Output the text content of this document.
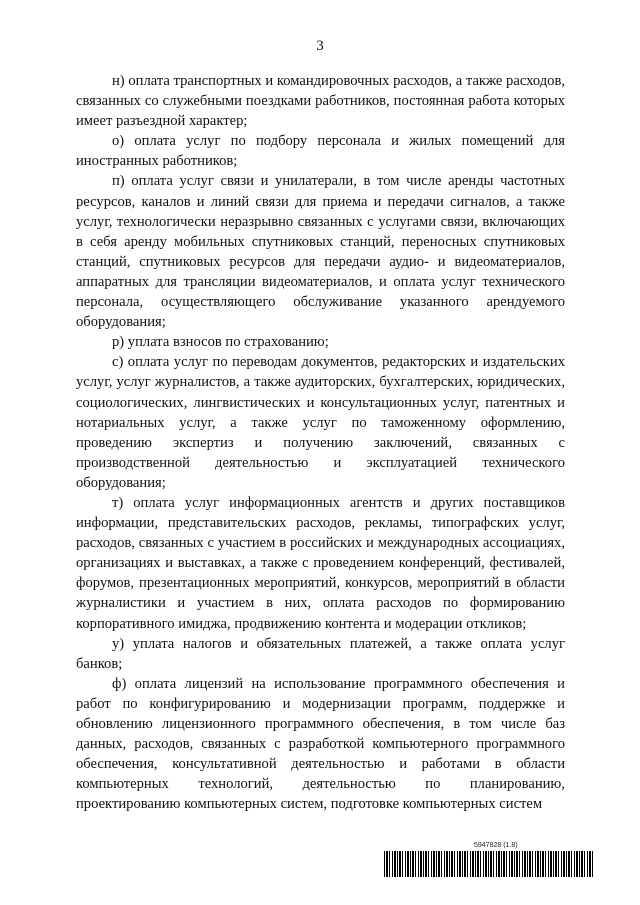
3

н) оплата транспортных и командировочных расходов, а также расходов, связанных со служебными поездками работников, постоянная работа которых имеет разъездной характер;

о) оплата услуг по подбору персонала и жилых помещений для иностранных работников;

п) оплата услуг связи и унилатерали, в том числе аренды частотных ресурсов, каналов и линий связи для приема и передачи сигналов, а также услуг, технологически неразрывно связанных с услугами связи, включающих в себя аренду мобильных спутниковых станций, переносных спутниковых станций, спутниковых ресурсов для передачи аудио- и видеоматериалов, аппаратных для трансляции видеоматериалов, и оплата услуг технического персонала, осуществляющего обслуживание указанного арендуемого оборудования;

р) уплата взносов по страхованию;

с) оплата услуг по переводам документов, редакторских и издательских услуг, услуг журналистов, а также аудиторских, бухгалтерских, юридических, социологических, лингвистических и консультационных услуг, патентных и нотариальных услуг, а также услуг по таможенному оформлению, проведению экспертиз и получению заключений, связанных с производственной деятельностью и эксплуатацией технического оборудования;

т) оплата услуг информационных агентств и других поставщиков информации, представительских расходов, рекламы, типографских услуг, расходов, связанных с участием в российских и международных ассоциациях, организациях и выставках, а также с проведением конференций, фестивалей, форумов, презентационных мероприятий, конкурсов, мероприятий в области журналистики и участием в них, оплата расходов по формированию корпоративного имиджа, продвижению контента и модерации откликов;

у) уплата налогов и обязательных платежей, а также оплата услуг банков;

ф) оплата лицензий на использование программного обеспечения и работ по конфигурированию и модернизации программ, поддержке и обновлению лицензионного программного обеспечения, в том числе баз данных, расходов, связанных с разработкой компьютерного программного обеспечения, консультативной деятельностью и работами в области компьютерных технологий, деятельностью по планированию, проектированию компьютерных систем, подготовке компьютерных систем

5947828 (1.8)
